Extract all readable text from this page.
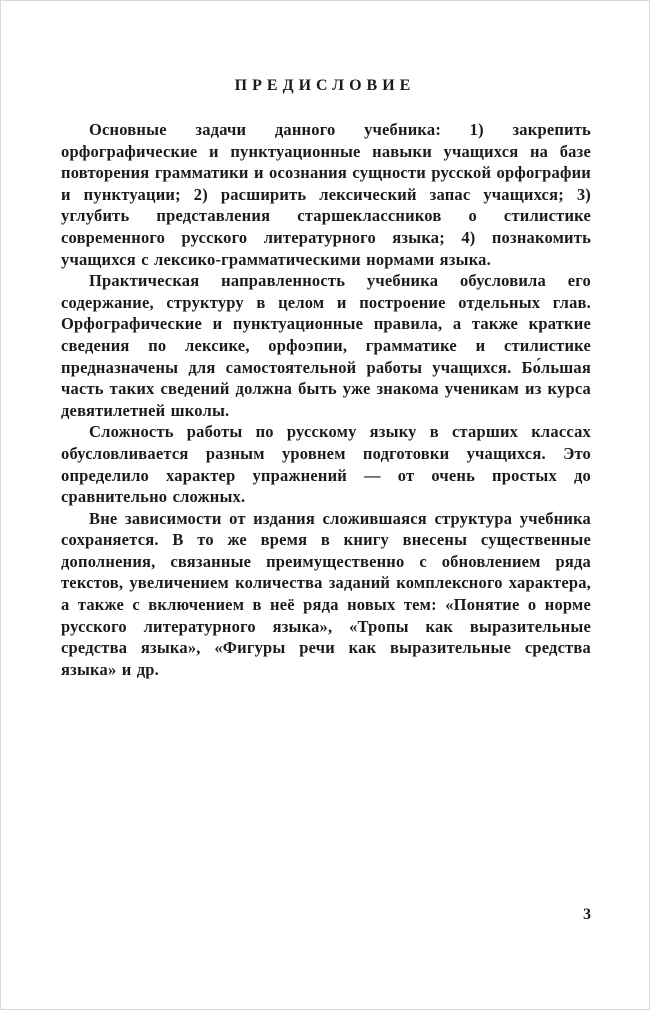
ПРЕДИСЛОВИЕ

Основные задачи данного учебника: 1) закрепить орфографические и пунктуационные навыки учащихся на базе повторения грамматики и осознания сущности русской орфографии и пунктуации; 2) расширить лексический запас учащихся; 3) углубить представления старшеклассников о стилистике современного русского литературного языка; 4) познакомить учащихся с лексико-грамматическими нормами языка.

Практическая направленность учебника обусловила его содержание, структуру в целом и построение отдельных глав. Орфографические и пунктуационные правила, а также краткие сведения по лексике, орфоэпии, грамматике и стилистике предназначены для самостоятельной работы учащихся. Бо́льшая часть таких сведений должна быть уже знакома ученикам из курса девятилетней школы.

Сложность работы по русскому языку в старших классах обусловливается разным уровнем подготовки учащихся. Это определило характер упражнений — от очень простых до сравнительно сложных.

Вне зависимости от издания сложившаяся структура учебника сохраняется. В то же время в книгу внесены существенные дополнения, связанные преимущественно с обновлением ряда текстов, увеличением количества заданий комплексного характера, а также с включением в неё ряда новых тем: «Понятие о норме русского литературного языка», «Тропы как выразительные средства языка», «Фигуры речи как выразительные средства языка» и др.

3
